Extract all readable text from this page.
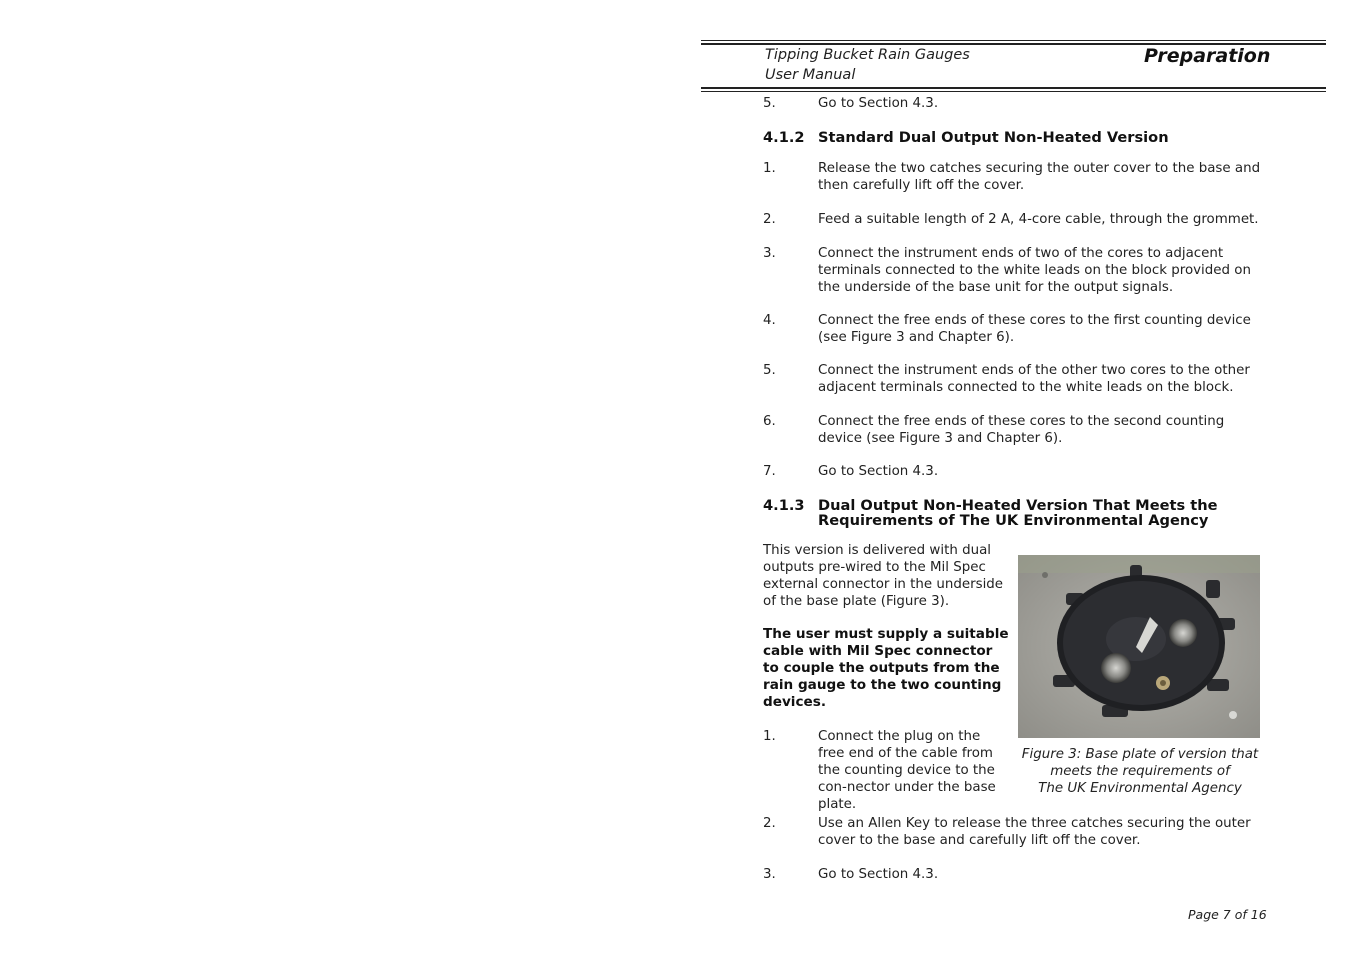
Tipping Bucket Rain Gauges
User Manual
Preparation
5.	Go to Section 4.3.
4.1.2 Standard Dual Output Non-Heated Version
1.	Release the two catches securing the outer cover to the base and then carefully lift off the cover.
2.	Feed a suitable length of 2 A, 4-core cable, through the grommet.
3.	Connect the instrument ends of two of the cores to adjacent terminals connected to the white leads on the block provided on the underside of the base unit for the output signals.
4.	Connect the free ends of these cores to the first counting device (see Figure 3 and Chapter 6).
5.	Connect the instrument ends of the other two cores to the other adjacent terminals connected to the white leads on the block.
6.	Connect the free ends of these cores to the second counting device (see Figure 3 and Chapter 6).
7.	Go to Section 4.3.
4.1.3 Dual Output Non-Heated Version That Meets the Requirements of The UK Environmental Agency
This version is delivered with dual outputs pre-wired to the Mil Spec external connector in the underside of the base plate (Figure 3).
The user must supply a suitable cable with Mil Spec connector to couple the outputs from the rain gauge to the two counting devices.
1.	Connect the plug on the free end of the cable from the counting device to the con-nector under the base plate.
Figure 3: Base plate of version that
meets the requirements of
The UK Environmental Agency
2.	Use an Allen Key to release the three catches securing the outer cover to the base and carefully lift off the cover.
3.	Go to Section 4.3.
Page 7 of 16
